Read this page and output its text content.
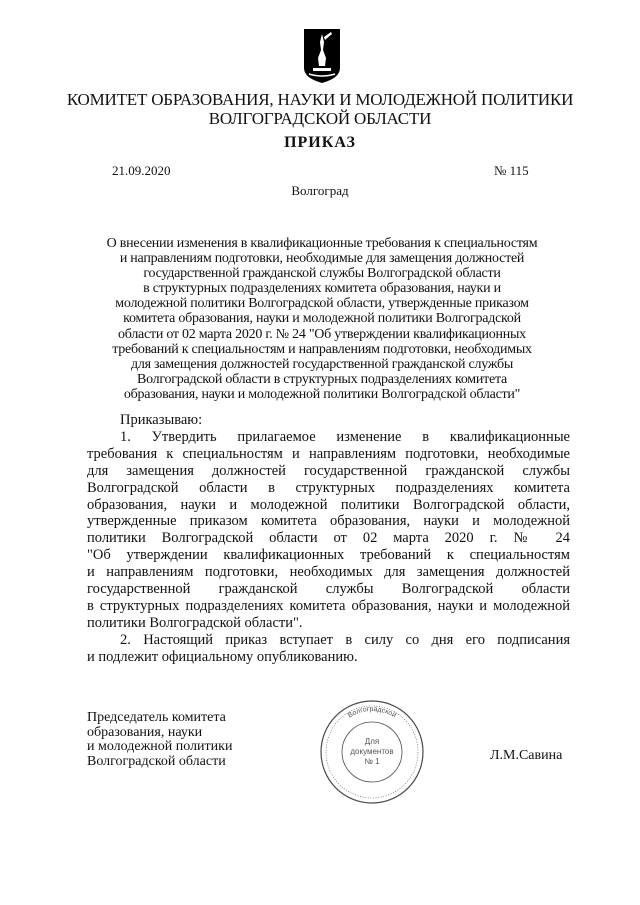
КОМИТЕТ ОБРАЗОВАНИЯ, НАУКИ И МОЛОДЕЖНОЙ ПОЛИТИКИ
ВОЛГОГРАДСКОЙ ОБЛАСТИ
ПРИКАЗ
21.09.2020	№ 115
Волгоград
О внесении изменения в квалификационные требования к специальностям
и направлениям подготовки, необходимые для замещения должностей
государственной гражданской службы Волгоградской области
в структурных подразделениях комитета образования, науки и
молодежной политики Волгоградской области, утвержденные приказом
комитета образования, науки и молодежной политики Волгоградской
области от 02 марта 2020 г. № 24 "Об утверждении квалификационных
требований к специальностям и направлениям подготовки, необходимых
для замещения должностей государственной гражданской службы
Волгоградской области в структурных подразделениях комитета
образования, науки и молодежной политики Волгоградской области"
Приказываю:
1. Утвердить прилагаемое изменение в квалификационные
требования к специальностям и направлениям подготовки, необходимые
для замещения должностей государственной гражданской службы
Волгоградской области в структурных подразделениях комитета
образования, науки и молодежной политики Волгоградской области,
утвержденные приказом комитета образования, науки и молодежной
политики Волгоградской области от 02 марта 2020 г. № 24
"Об утверждении квалификационных требований к специальностям
и направлениям подготовки, необходимых для замещения должностей
государственной гражданской службы Волгоградской области
в структурных подразделениях комитета образования, науки и молодежной
политики Волгоградской области".
2. Настоящий приказ вступает в силу со дня его подписания
и подлежит официальному опубликованию.
Председатель комитета
образования, науки
и молодежной политики
Волгоградской области	Л.М.Савина
Волгоградской
Для
документов
№ 1
